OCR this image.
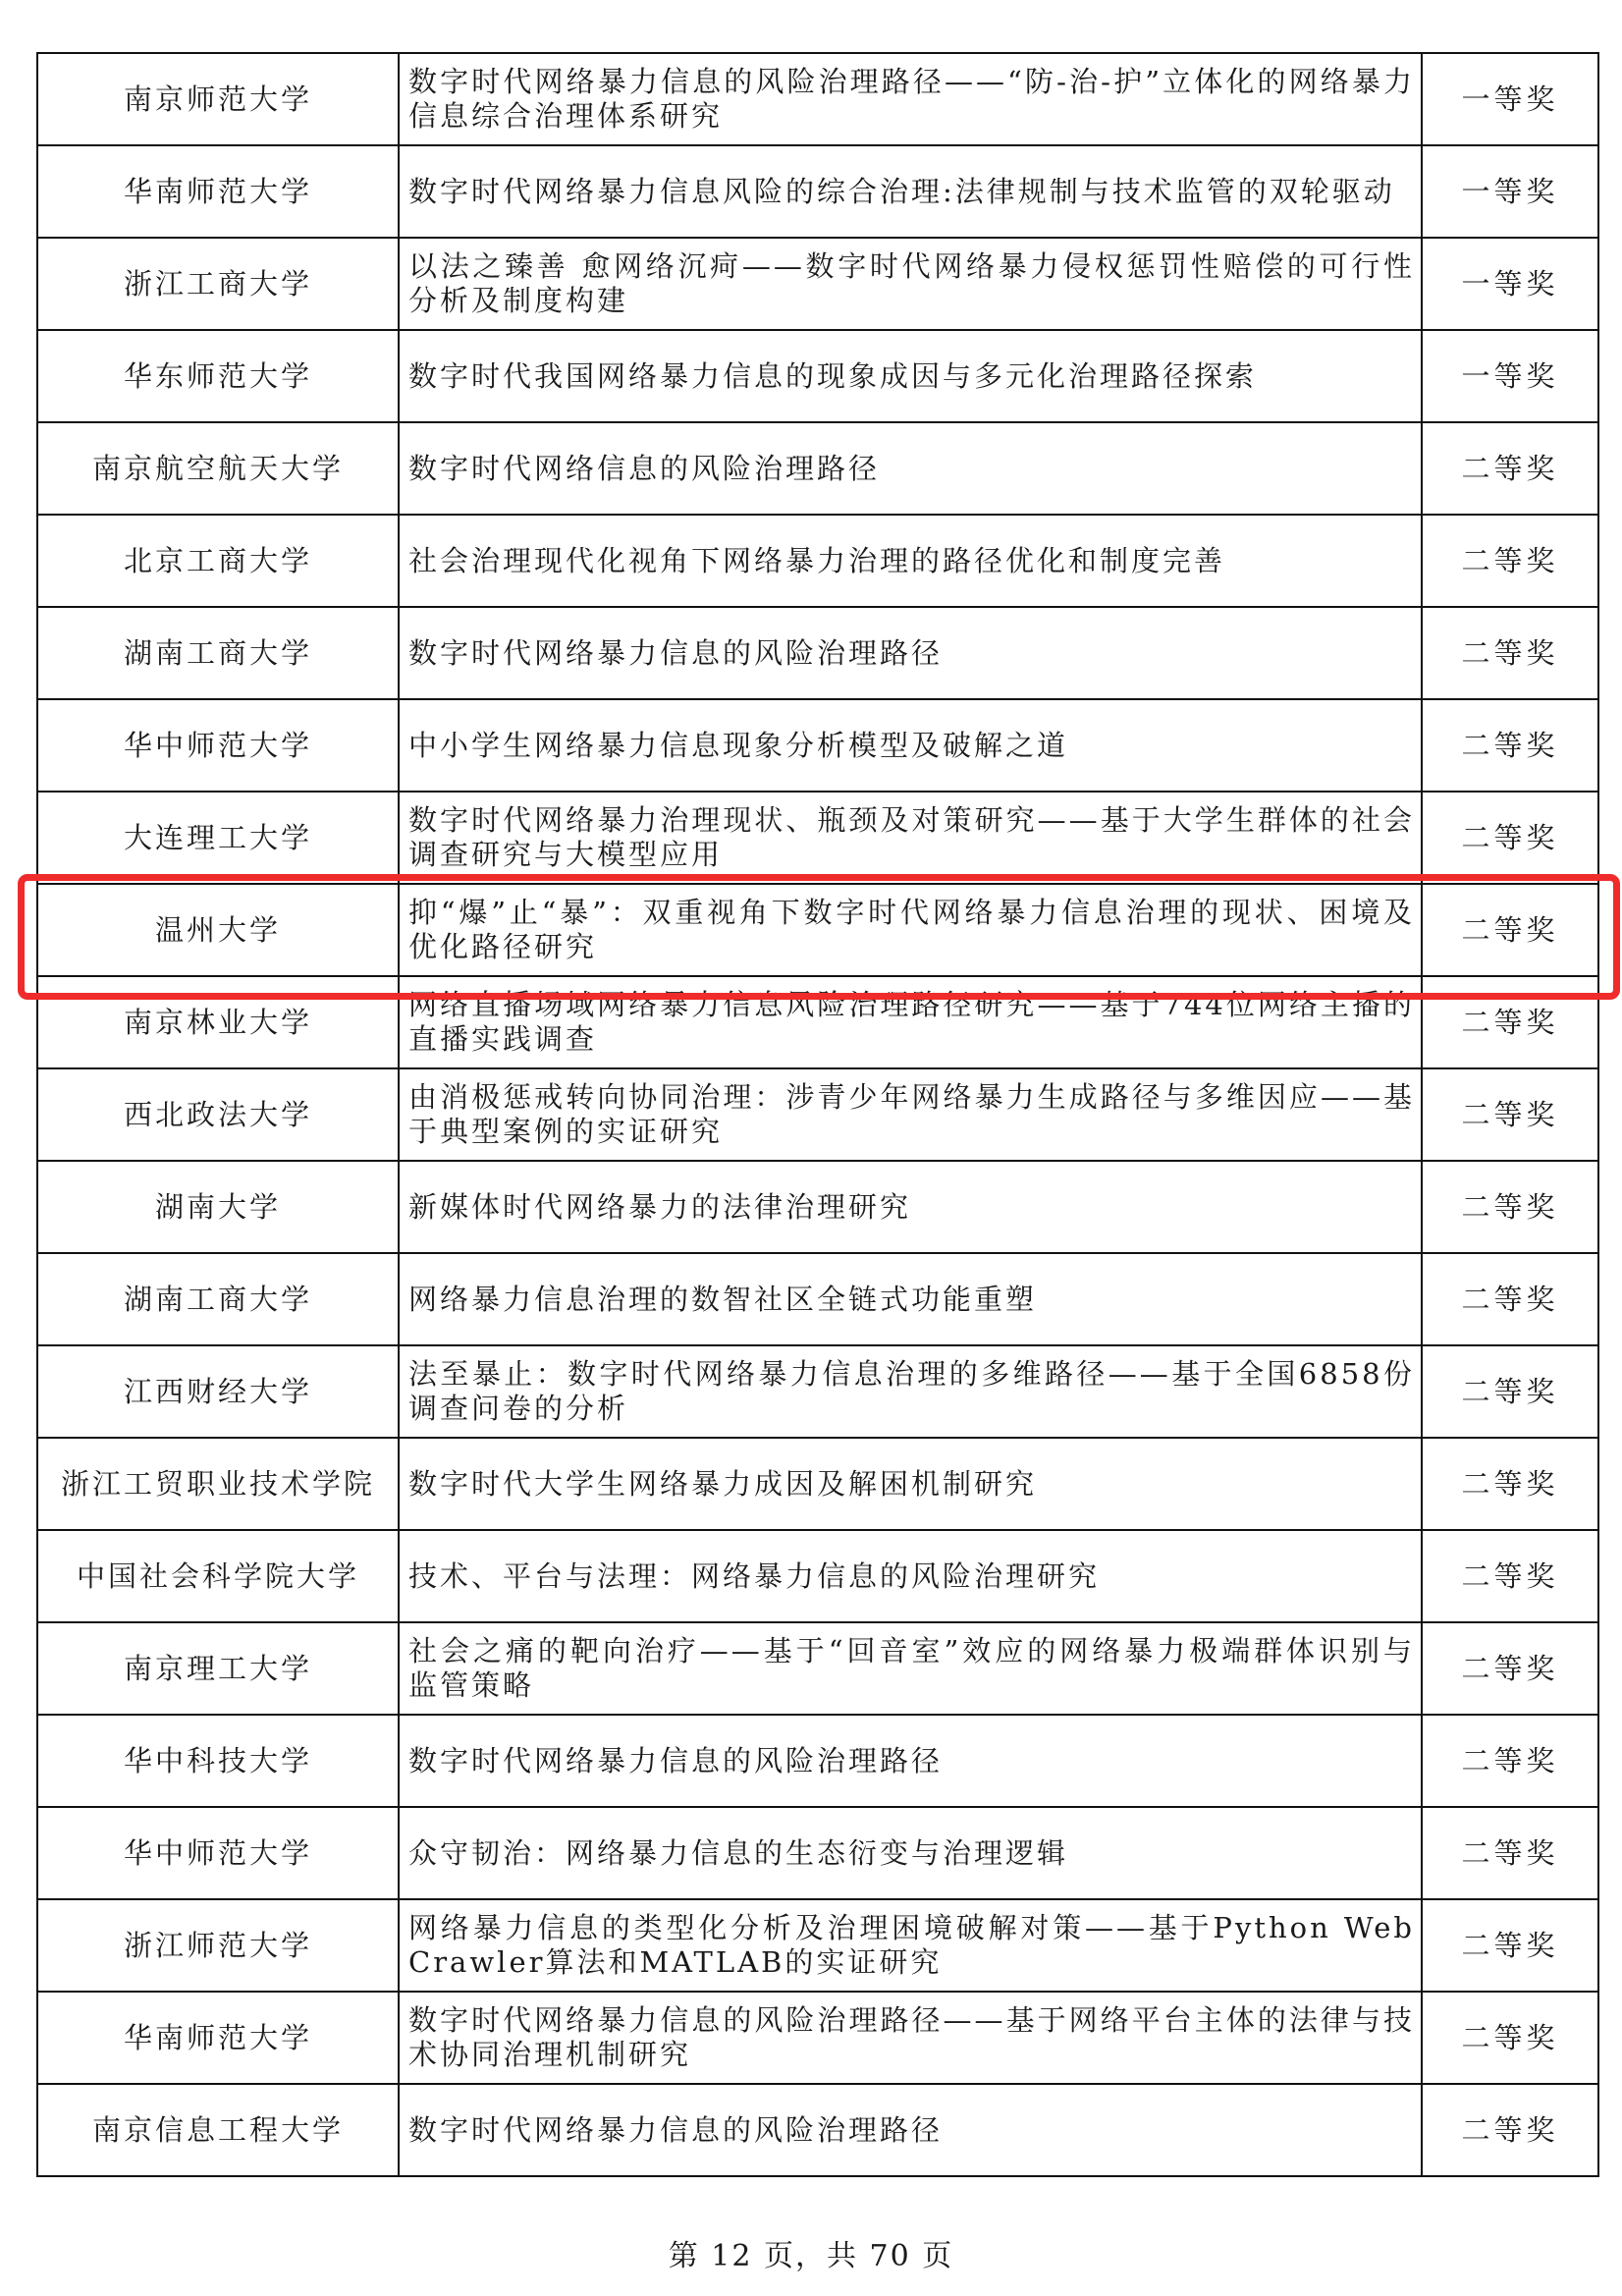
南京师范大学	数字时代网络暴力信息的风险治理路径——“防-治-护”立体化的网络暴力信息综合治理体系研究	一等奖
华南师范大学	数字时代网络暴力信息风险的综合治理:法律规制与技术监管的双轮驱动	一等奖
浙江工商大学	以法之臻善 愈网络沉疴——数字时代网络暴力侵权惩罚性赔偿的可行性分析及制度构建	一等奖
华东师范大学	数字时代我国网络暴力信息的现象成因与多元化治理路径探索	一等奖
南京航空航天大学	数字时代网络信息的风险治理路径	二等奖
北京工商大学	社会治理现代化视角下网络暴力治理的路径优化和制度完善	二等奖
湖南工商大学	数字时代网络暴力信息的风险治理路径	二等奖
华中师范大学	中小学生网络暴力信息现象分析模型及破解之道	二等奖
大连理工大学	数字时代网络暴力治理现状、瓶颈及对策研究——基于大学生群体的社会调查研究与大模型应用	二等奖
温州大学	抑“爆”止“暴”：双重视角下数字时代网络暴力信息治理的现状、困境及优化路径研究	二等奖
南京林业大学	网络直播场域网络暴力信息风险治理路径研究——基于744位网络主播的直播实践调查	二等奖
西北政法大学	由消极惩戒转向协同治理：涉青少年网络暴力生成路径与多维因应——基于典型案例的实证研究	二等奖
湖南大学	新媒体时代网络暴力的法律治理研究	二等奖
湖南工商大学	网络暴力信息治理的数智社区全链式功能重塑	二等奖
江西财经大学	法至暴止：数字时代网络暴力信息治理的多维路径——基于全国6858份调查问卷的分析	二等奖
浙江工贸职业技术学院	数字时代大学生网络暴力成因及解困机制研究	二等奖
中国社会科学院大学	技术、平台与法理：网络暴力信息的风险治理研究	二等奖
南京理工大学	社会之痛的靶向治疗——基于“回音室”效应的网络暴力极端群体识别与监管策略	二等奖
华中科技大学	数字时代网络暴力信息的风险治理路径	二等奖
华中师范大学	众守韧治：网络暴力信息的生态衍变与治理逻辑	二等奖
浙江师范大学	网络暴力信息的类型化分析及治理困境破解对策——基于Python Web Crawler算法和MATLAB的实证研究	二等奖
华南师范大学	数字时代网络暴力信息的风险治理路径——基于网络平台主体的法律与技术协同治理机制研究	二等奖
南京信息工程大学	数字时代网络暴力信息的风险治理路径	二等奖
第 12 页，共 70 页
